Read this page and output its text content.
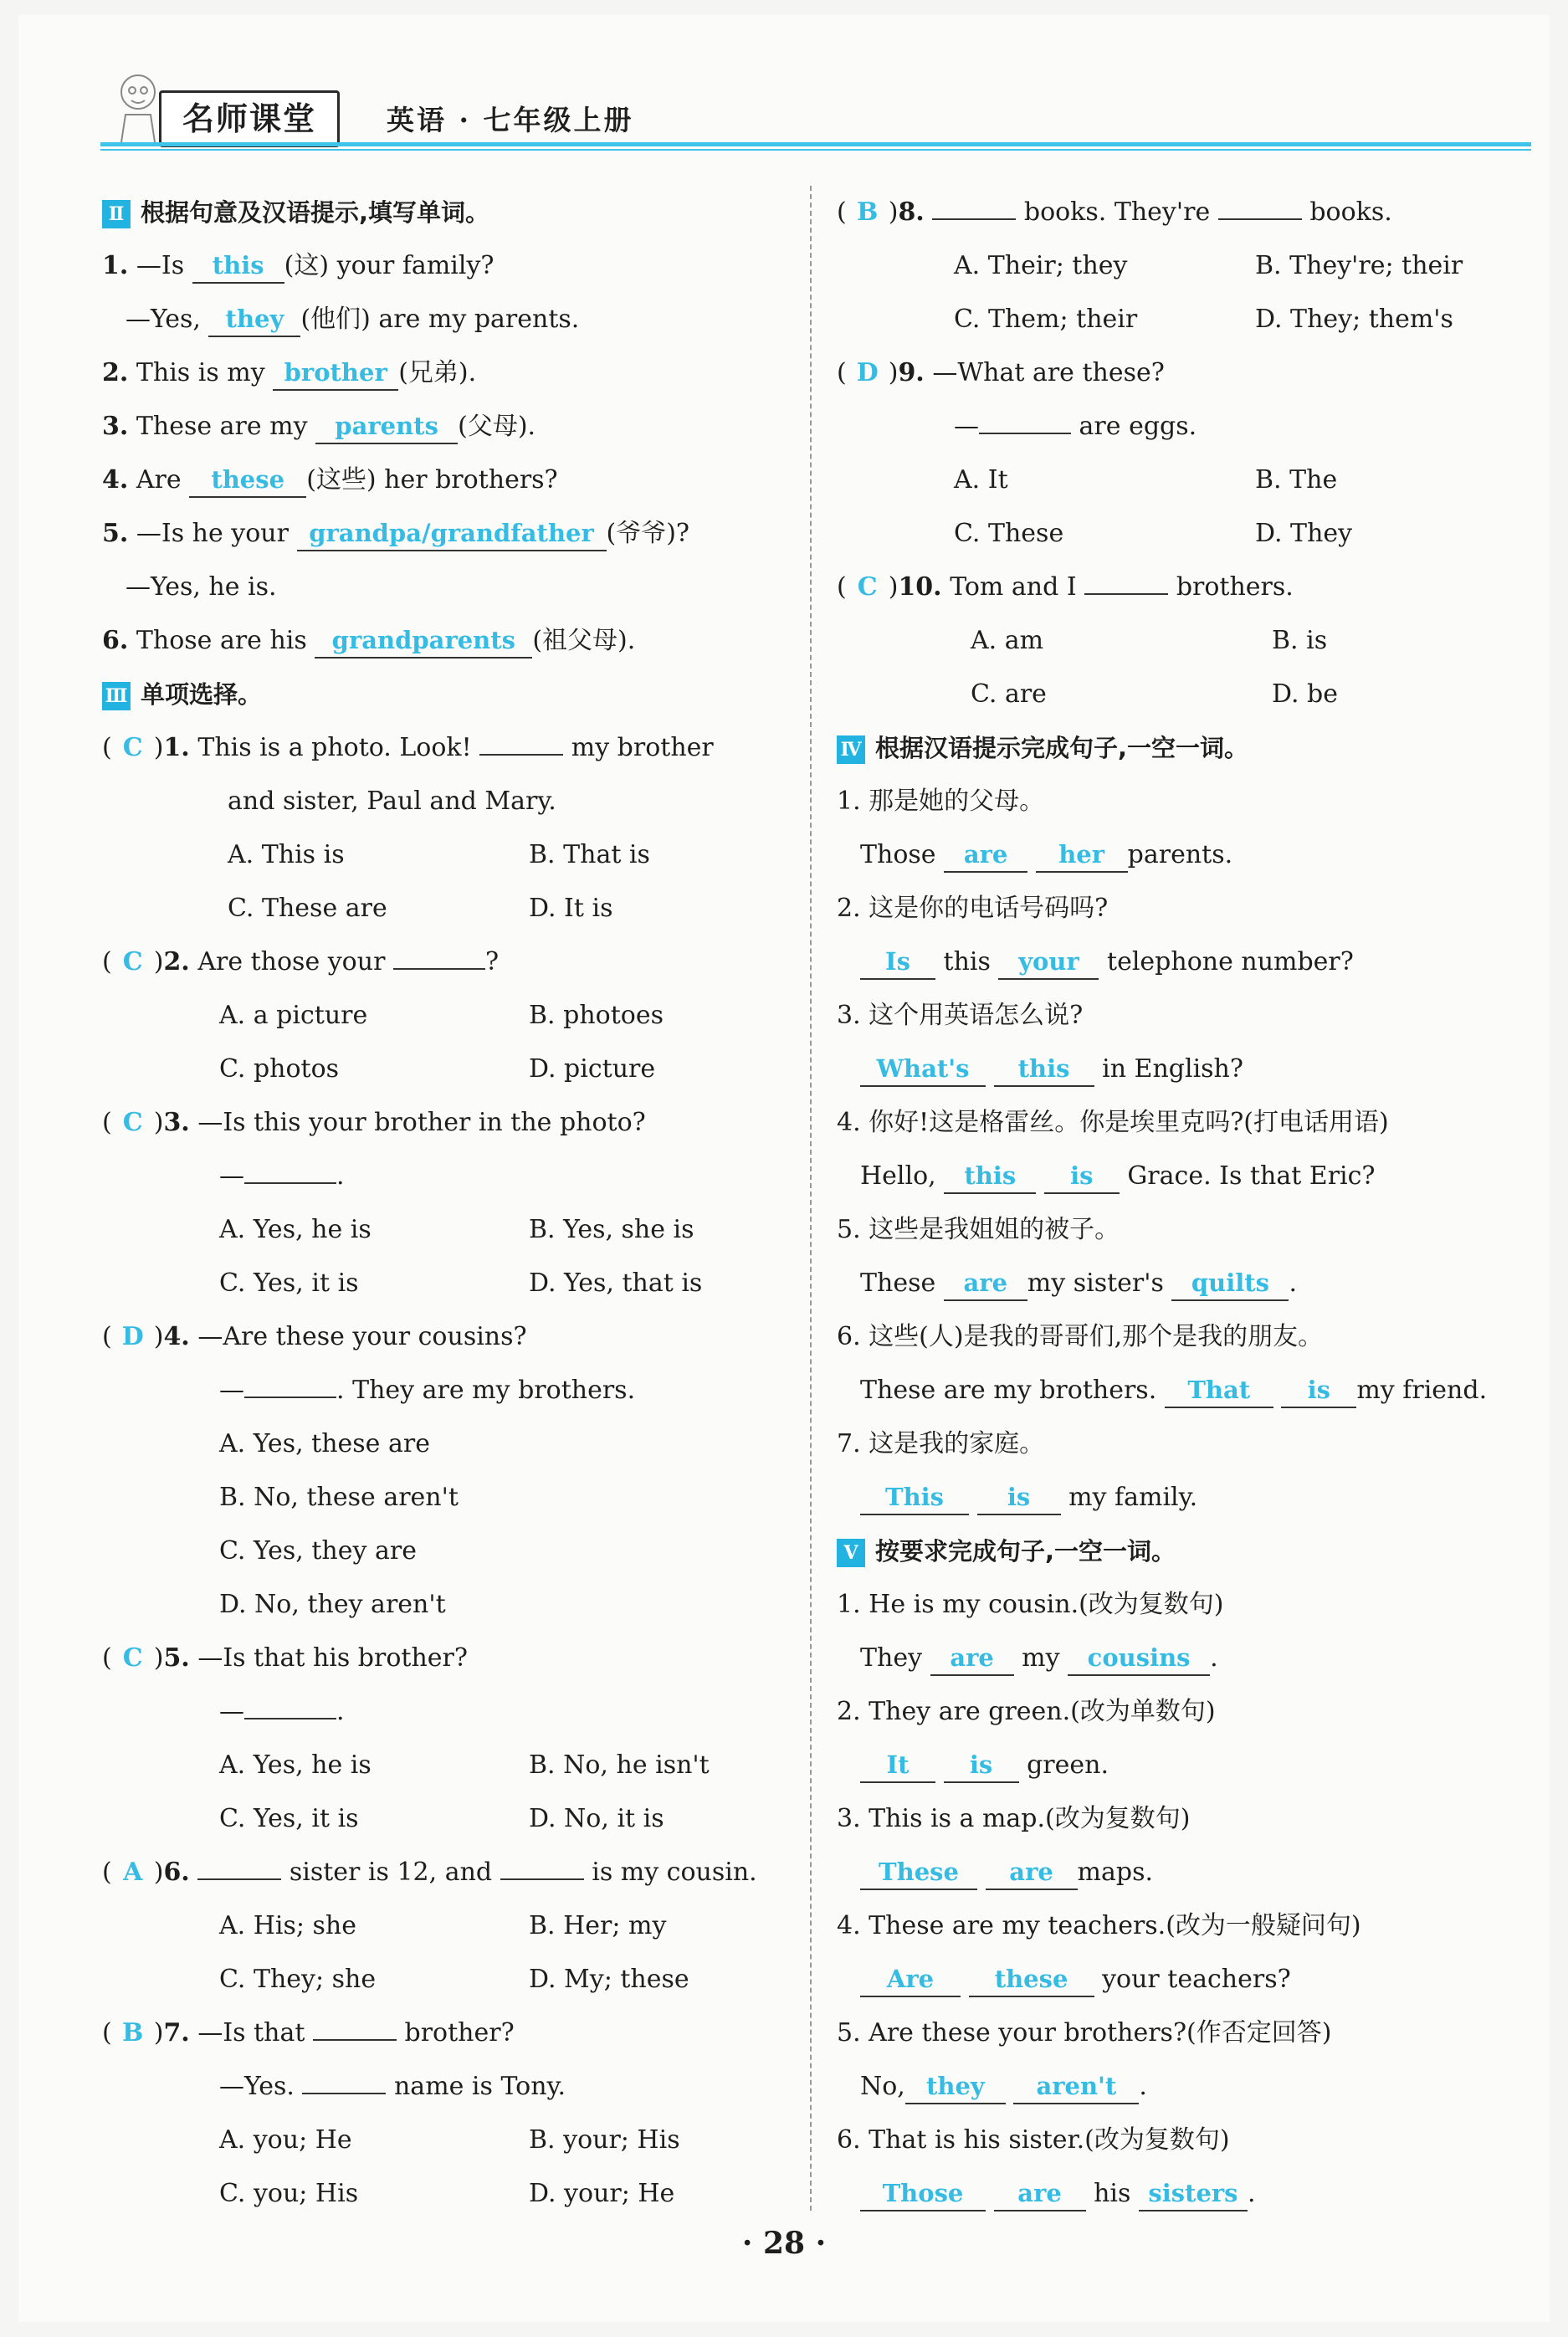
名师课堂	英语 · 七年级上册
Ⅱ 根据句意及汉语提示,填写单词。
1. —Is this (这) your family?
—Yes, they (他们) are my parents.
2. This is my brother (兄弟).
3. These are my parents (父母).
4. Are these (这些) her brothers?
5. —Is he your grandpa/grandfather (爷爷)?
—Yes, he is.
6. Those are his grandparents (祖父母).
Ⅲ 单项选择。
( C )1. This is a photo. Look!	my brother
and sister, Paul and Mary.
A. This is	B. That is
C. These are	D. It is
( C )2. Are those your	?
A. a picture	B. photoes
C. photos	D. picture
( C )3. —Is this your brother in the photo?
—	.
A. Yes, he is	B. Yes, she is
C. Yes, it is	D. Yes, that is
( D )4. —Are these your cousins?
—	. They are my brothers.
A. Yes, these are
B. No, these aren't
C. Yes, they are
D. No, they aren't
( C )5. —Is that his brother?
—	.
A. Yes, he is	B. No, he isn't
C. Yes, it is	D. No, it is
( A )6.	sister is 12, and	is my cousin.
A. His; she	B. Her; my
C. They; she	D. My; these
( B )7. —Is that	brother?
—Yes.	name is Tony.
A. you; He	B. your; His
C. you; His	D. your; He
( B )8.	books. They're	books.
A. Their; they	B. They're; their
C. Them; their	D. They; them's
( D )9. —What are these?
—	are eggs.
A. It	B. The
C. These	D. They
( C )10. Tom and I	brothers.
A. am	B. is
C. are	D. be
Ⅳ 根据汉语提示完成句子,一空一词。
1. 那是她的父母。
Those are her parents.
2. 这是你的电话号码吗?
Is this your telephone number?
3. 这个用英语怎么说?
What's this in English?
4. 你好!这是格雷丝。你是埃里克吗?(打电话用语)
Hello, this is Grace. Is that Eric?
5. 这些是我姐姐的被子。
These are my sister's quilts .
6. 这些(人)是我的哥哥们,那个是我的朋友。
These are my brothers. That is my friend.
7. 这是我的家庭。
This	is my family.
Ⅴ 按要求完成句子,一空一词。
1. He is my cousin.(改为复数句)
They are my cousins .
2. They are green.(改为单数句)
It is green.
3. This is a map.(改为复数句)
These are maps.
4. These are my teachers.(改为一般疑问句)
Are	these your teachers?
5. Are these your brothers?(作否定回答)
No, they aren't .
6. That is his sister.(改为复数句)
Those are his sisters .
· 28 ·
